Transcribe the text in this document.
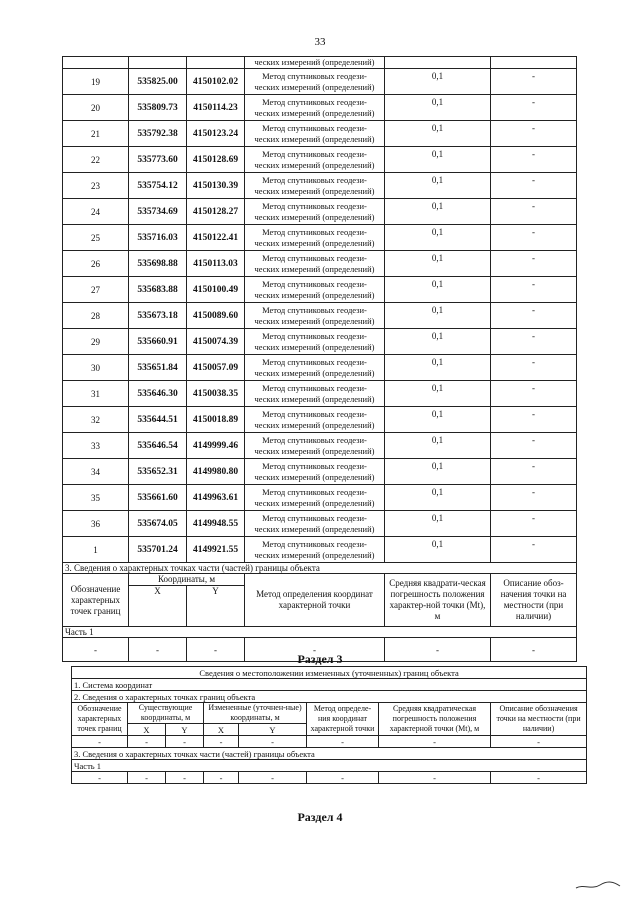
33
			ческих измерений (определений)		
19	535825.00	4150102.02	Метод спутниковых геодези-
ческих измерений (определений)	0,1	-
20	535809.73	4150114.23	Метод спутниковых геодези-
ческих измерений (определений)	0,1	-
21	535792.38	4150123.24	Метод спутниковых геодези-
ческих измерений (определений)	0,1	-
22	535773.60	4150128.69	Метод спутниковых геодези-
ческих измерений (определений)	0,1	-
23	535754.12	4150130.39	Метод спутниковых геодези-
ческих измерений (определений)	0,1	-
24	535734.69	4150128.27	Метод спутниковых геодези-
ческих измерений (определений)	0,1	-
25	535716.03	4150122.41	Метод спутниковых геодези-
ческих измерений (определений)	0,1	-
26	535698.88	4150113.03	Метод спутниковых геодези-
ческих измерений (определений)	0,1	-
27	535683.88	4150100.49	Метод спутниковых геодези-
ческих измерений (определений)	0,1	-
28	535673.18	4150089.60	Метод спутниковых геодези-
ческих измерений (определений)	0,1	-
29	535660.91	4150074.39	Метод спутниковых геодези-
ческих измерений (определений)	0,1	-
30	535651.84	4150057.09	Метод спутниковых геодези-
ческих измерений (определений)	0,1	-
31	535646.30	4150038.35	Метод спутниковых геодези-
ческих измерений (определений)	0,1	-
32	535644.51	4150018.89	Метод спутниковых геодези-
ческих измерений (определений)	0,1	-
33	535646.54	4149999.46	Метод спутниковых геодези-
ческих измерений (определений)	0,1	-
34	535652.31	4149980.80	Метод спутниковых геодези-
ческих измерений (определений)	0,1	-
35	535661.60	4149963.61	Метод спутниковых геодези-
ческих измерений (определений)	0,1	-
36	535674.05	4149948.55	Метод спутниковых геодези-
ческих измерений (определений)	0,1	-
1	535701.24	4149921.55	Метод спутниковых геодези-
ческих измерений (определений)	0,1	-
3. Сведения о характерных точках части (частей) границы объекта					
Обозначение характерных точек границ	Координаты, м		Метод определения координат характерной точки	Средняя квадрати-ческая погрешность положения характер-ной точки (Mt), м	Описание обоз-начения точки на местности (при наличии)
	X	Y			
Часть 1					
-	-	-	-	-	-
Раздел 3
Сведения о местоположении измененных (уточненных) границ объекта							
1. Система координат							
2. Сведения о характерных точках границ объекта							
Обозначение характерных точек границ	Существующие координаты, м		Измененные (уточнен-ные) координаты, м		Метод определе-ния координат характерной точки	Средняя квадратическая погрешность положения характерной точки (Mt), м	Описание обозначения точки на местности (при наличии)
	X	Y	X	Y			
-	-	-	-	-	-	-	-
3. Сведения о характерных точках части (частей) границы объекта							
Часть 1							
-	-	-	-	-	-	-	-
Раздел 4
